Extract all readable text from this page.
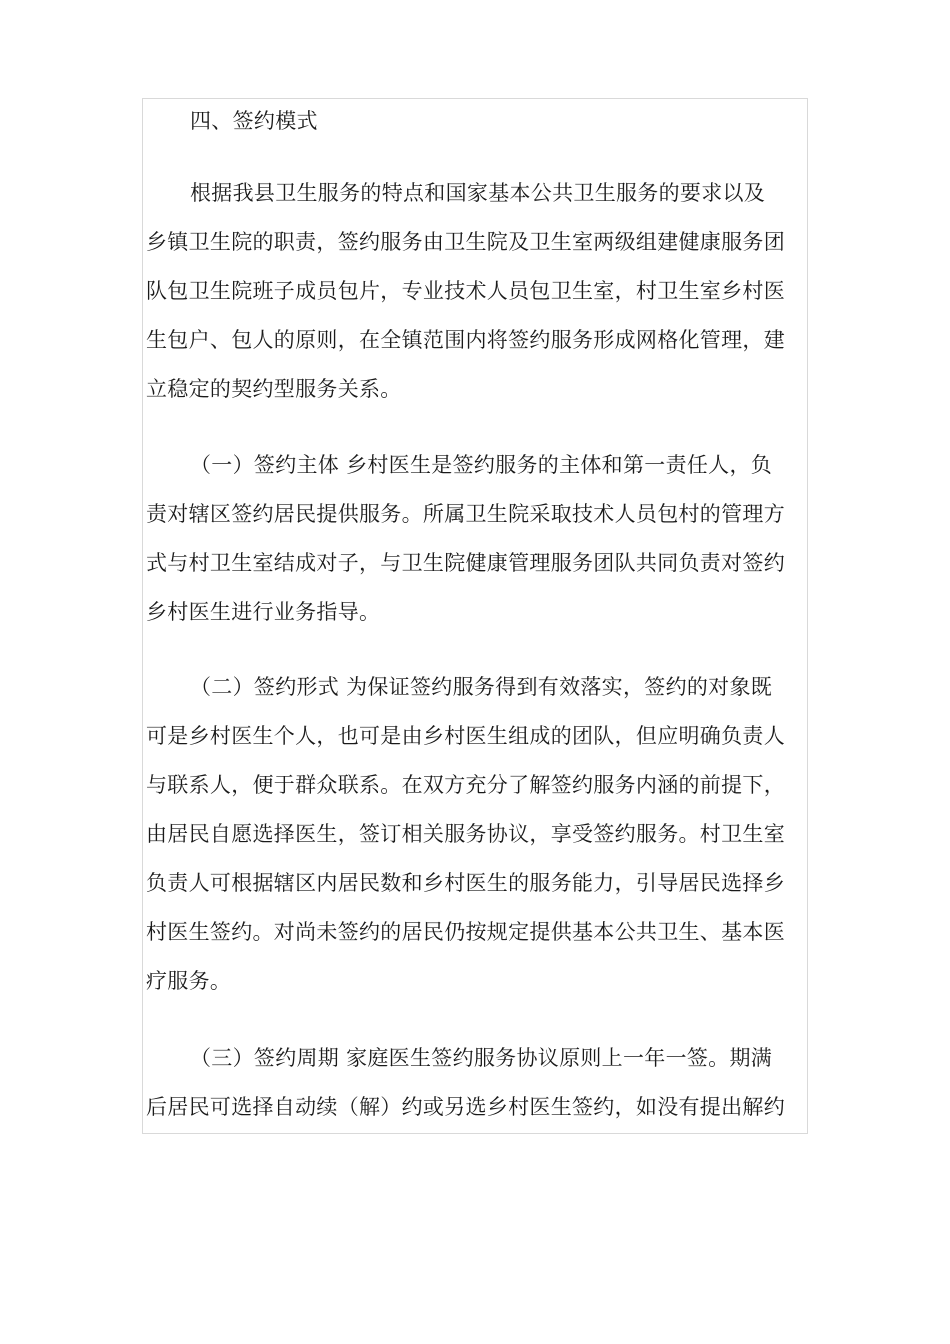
四、签约模式
根据我县卫生服务的特点和国家基本公共卫生服务的要求以及
乡镇卫生院的职责，签约服务由卫生院及卫生室两级组建健康服务团
队包卫生院班子成员包片，专业技术人员包卫生室，村卫生室乡村医
生包户、包人的原则，在全镇范围内将签约服务形成网格化管理，建
立稳定的契约型服务关系。
（一）签约主体 乡村医生是签约服务的主体和第一责任人，负
责对辖区签约居民提供服务。所属卫生院采取技术人员包村的管理方
式与村卫生室结成对子，与卫生院健康管理服务团队共同负责对签约
乡村医生进行业务指导。
（二）签约形式 为保证签约服务得到有效落实，签约的对象既
可是乡村医生个人，也可是由乡村医生组成的团队，但应明确负责人
与联系人，便于群众联系。在双方充分了解签约服务内涵的前提下，
由居民自愿选择医生，签订相关服务协议，享受签约服务。村卫生室
负责人可根据辖区内居民数和乡村医生的服务能力，引导居民选择乡
村医生签约。对尚未签约的居民仍按规定提供基本公共卫生、基本医
疗服务。
（三）签约周期 家庭医生签约服务协议原则上一年一签。期满
后居民可选择自动续（解）约或另选乡村医生签约，如没有提出解约
